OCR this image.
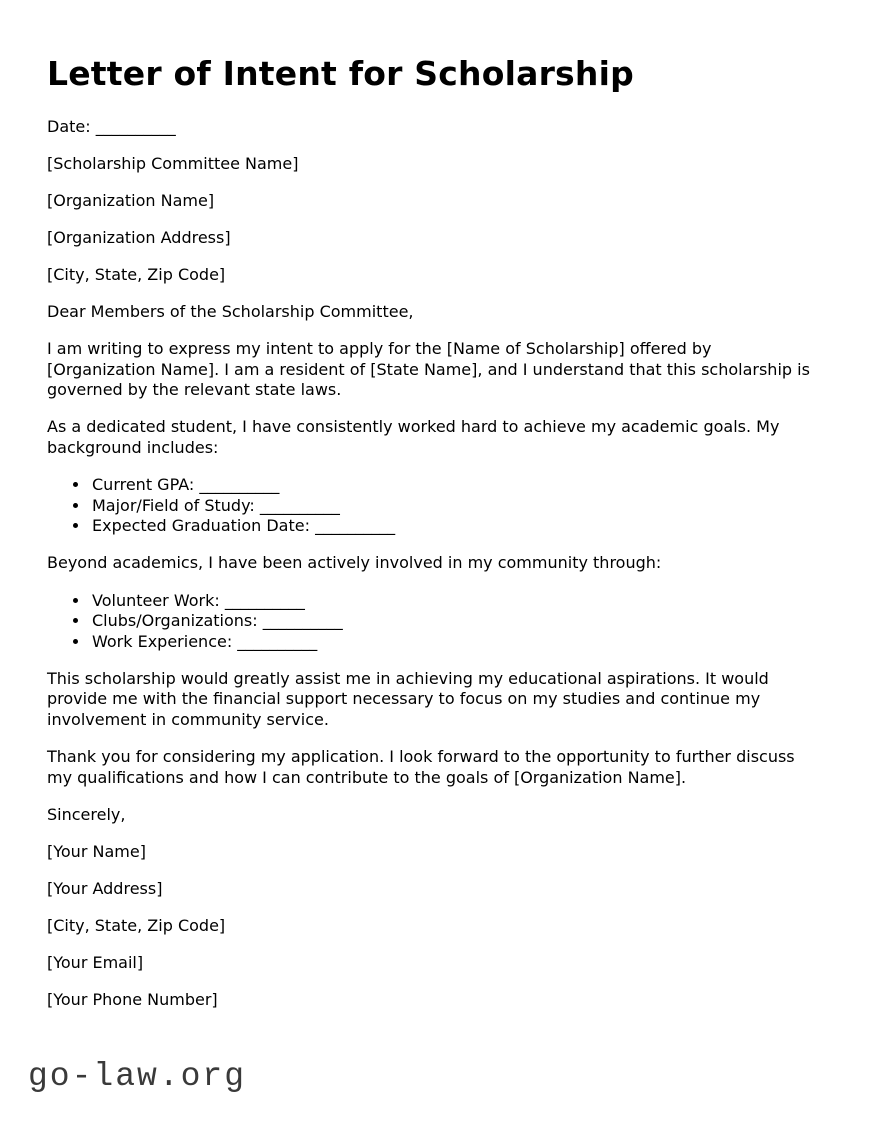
Letter of Intent for Scholarship

Date: __________

[Scholarship Committee Name]

[Organization Name]

[Organization Address]

[City, State, Zip Code]

Dear Members of the Scholarship Committee,

I am writing to express my intent to apply for the [Name of Scholarship] offered by [Organization Name]. I am a resident of [State Name], and I understand that this scholarship is governed by the relevant state laws.

As a dedicated student, I have consistently worked hard to achieve my academic goals. My background includes:

• Current GPA: __________
• Major/Field of Study: __________
• Expected Graduation Date: __________

Beyond academics, I have been actively involved in my community through:

• Volunteer Work: __________
• Clubs/Organizations: __________
• Work Experience: __________

This scholarship would greatly assist me in achieving my educational aspirations. It would provide me with the financial support necessary to focus on my studies and continue my involvement in community service.

Thank you for considering my application. I look forward to the opportunity to further discuss my qualifications and how I can contribute to the goals of [Organization Name].

Sincerely,

[Your Name]

[Your Address]

[City, State, Zip Code]

[Your Email]

[Your Phone Number]

go-law.org
